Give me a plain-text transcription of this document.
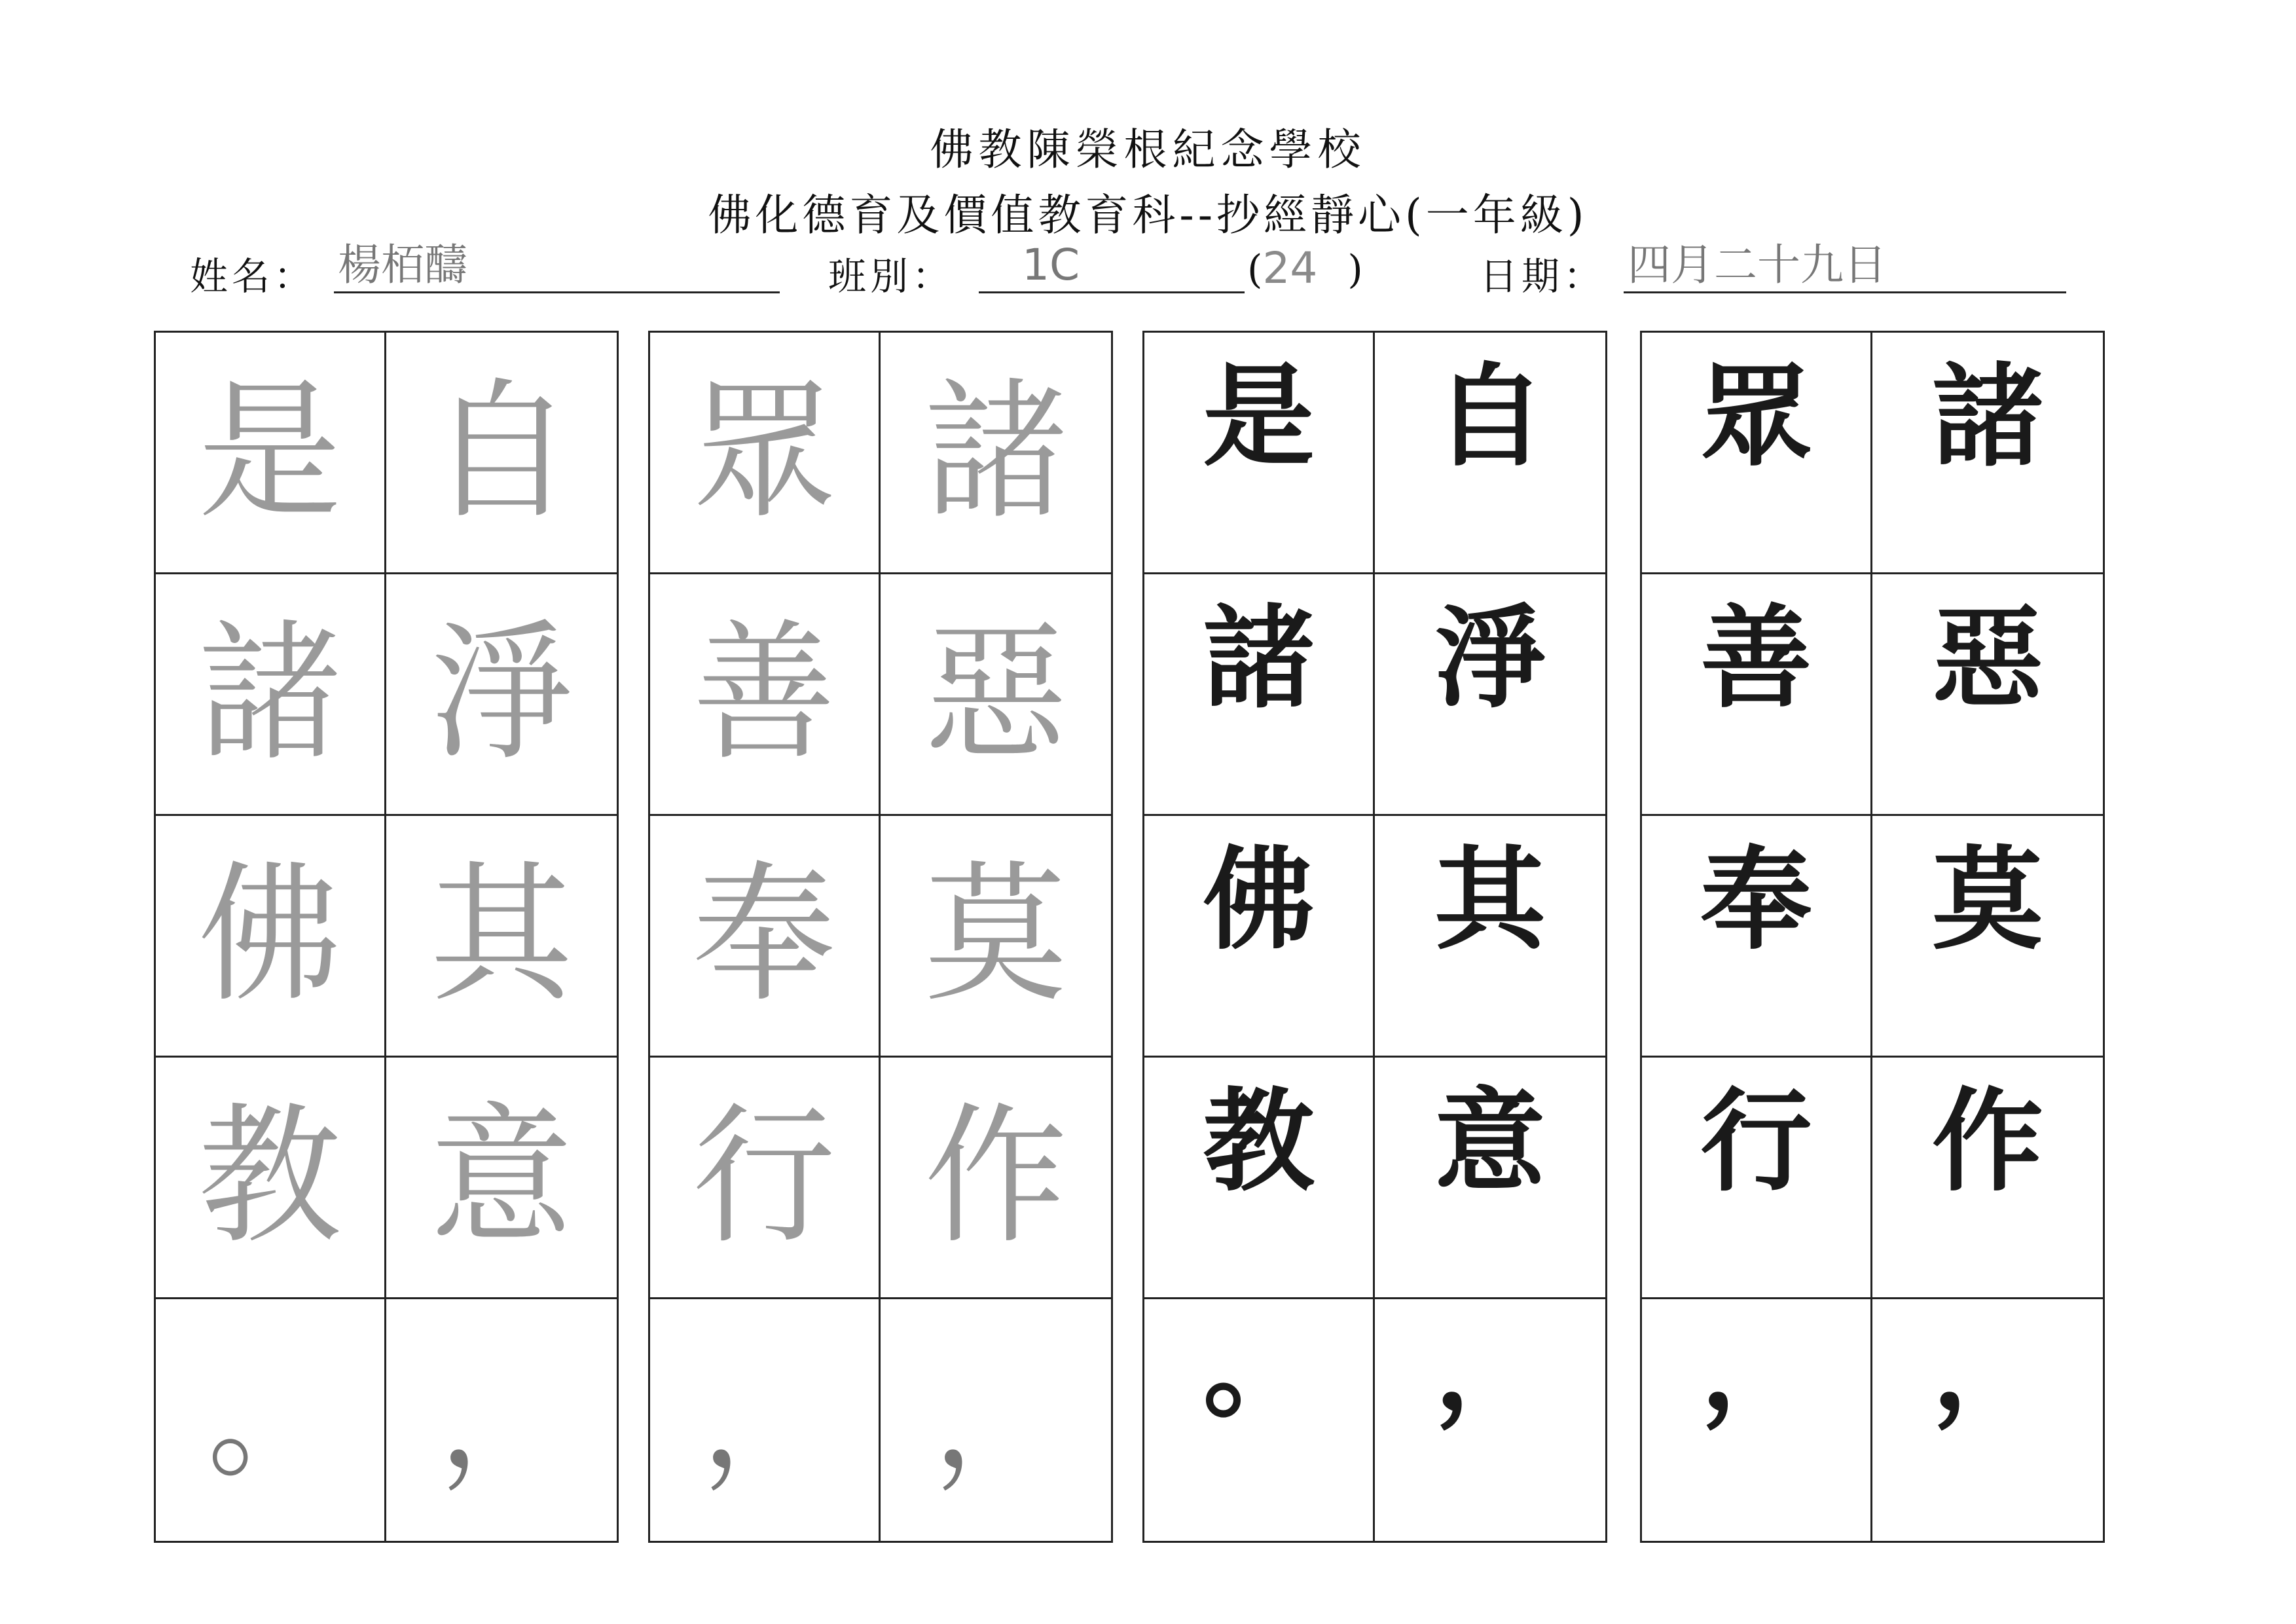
佛教陳榮根紀念學校
佛化德育及價值教育科--抄經靜心(一年級)
姓名： 楊栢醻	班別：	1C	(24 )	日期： 四月二十九日
是 自
諸 淨
佛 其
教 意
。 ，
眾 諸
善 惡
奉 莫
行 作
， ，
是 自
諸 淨
佛 其
教 意
。 ，
眾 諸
善 惡
奉 莫
行 作
， ，
